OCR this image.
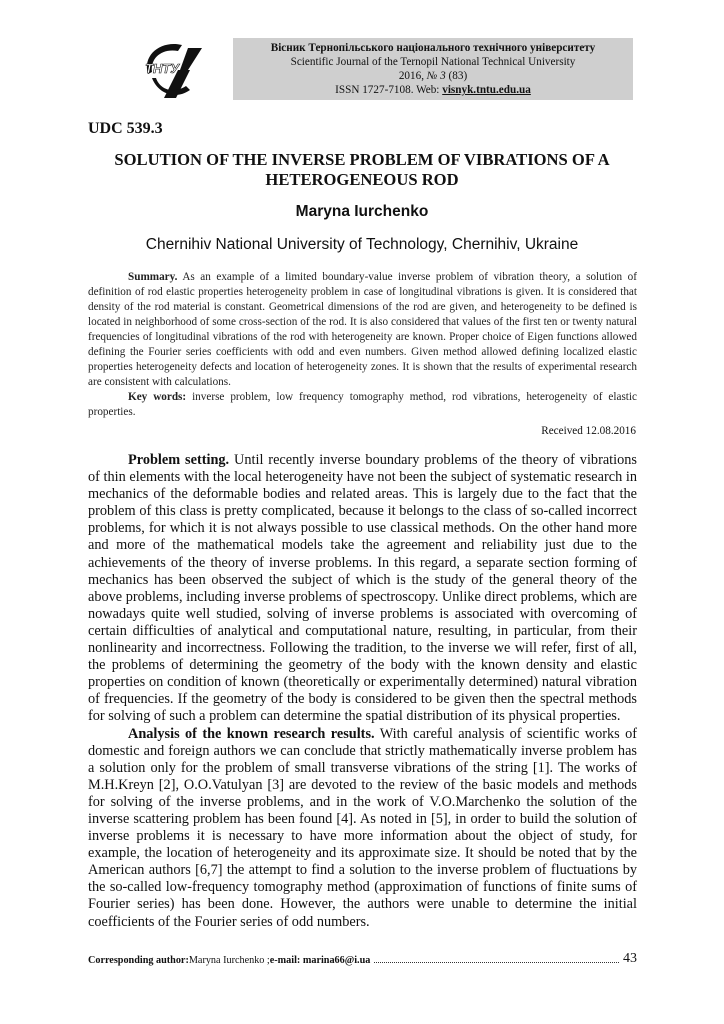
ТНТУ
Вісник Тернопільського національного технічного університету
Scientific Journal of the Ternopil National Technical University
2016, № 3 (83)
ISSN 1727-7108. Web: visnyk.tntu.edu.ua
UDC 539.3
SOLUTION OF THE INVERSE PROBLEM OF VIBRATIONS OF A
HETEROGENEOUS ROD
Maryna Iurchenko
Chernihiv National University of Technology, Chernihiv, Ukraine

Summary. As an example of a limited boundary-value inverse problem of vibration theory, a solution of definition of rod elastic properties heterogeneity problem in case of longitudinal vibrations is given. It is considered that density of the rod material is constant. Geometrical dimensions of the rod are given, and heterogeneity to be defined is located in neighborhood of some cross-section of the rod. It is also considered that values of the first ten or twenty natural frequencies of longitudinal vibrations of the rod with heterogeneity are known. Proper choice of Eigen functions allowed defining the Fourier series coefficients with odd and even numbers. Given method allowed defining localized elastic properties heterogeneity defects and location of heterogeneity zones. It is shown that the results of experimental research are consistent with calculations.

Key words: inverse problem, low frequency tomography method, rod vibrations, heterogeneity of elastic properties.

Received 12.08.2016

Problem setting. Until recently inverse boundary problems of the theory of vibrations of thin elements with the local heterogeneity have not been the subject of systematic research in mechanics of the deformable bodies and related areas. This is largely due to the fact that the problem of this class is pretty complicated, because it belongs to the class of so-called incorrect problems, for which it is not always possible to use classical methods. On the other hand more and more of the mathematical models take the agreement and reliability just due to the achievements of the theory of inverse problems. In this regard, a separate section forming of mechanics has been observed the subject of which is the study of the general theory of the above problems, including inverse problems of spectroscopy. Unlike direct problems, which are nowadays quite well studied, solving of inverse problems is associated with overcoming of certain difficulties of analytical and computational nature, resulting, in particular, from their nonlinearity and incorrectness. Following the tradition, to the inverse we will refer, first of all, the problems of determining the geometry of the body with the known density and elastic properties on condition of known (theoretically or experimentally determined) natural vibration of frequencies. If the geometry of the body is considered to be given then the spectral methods for solving of such a problem can determine the spatial distribution of its physical properties.

Analysis of the known research results. With careful analysis of scientific works of domestic and foreign authors we can conclude that strictly mathematically inverse problem has a solution only for the problem of small transverse vibrations of the string [1]. The works of M.H.Kreyn [2], O.O.Vatulyan [3] are devoted to the review of the basic models and methods for solving of the inverse problems, and in the work of V.O.Marchenko the solution of the inverse scattering problem has been found [4]. As noted in [5], in order to build the solution of inverse problems it is necessary to have more information about the object of study, for example, the location of heterogeneity and its approximate size. It should be noted that by the American authors [6,7] the attempt to find a solution to the inverse problem of fluctuations by the so-called low-frequency tomography method (approximation of functions of finite sums of Fourier series) has been done. However, the authors were unable to determine the initial coefficients of the Fourier series of odd numbers.

Corresponding author: Maryna Iurchenko ; e-mail: marina66@i.ua	43
